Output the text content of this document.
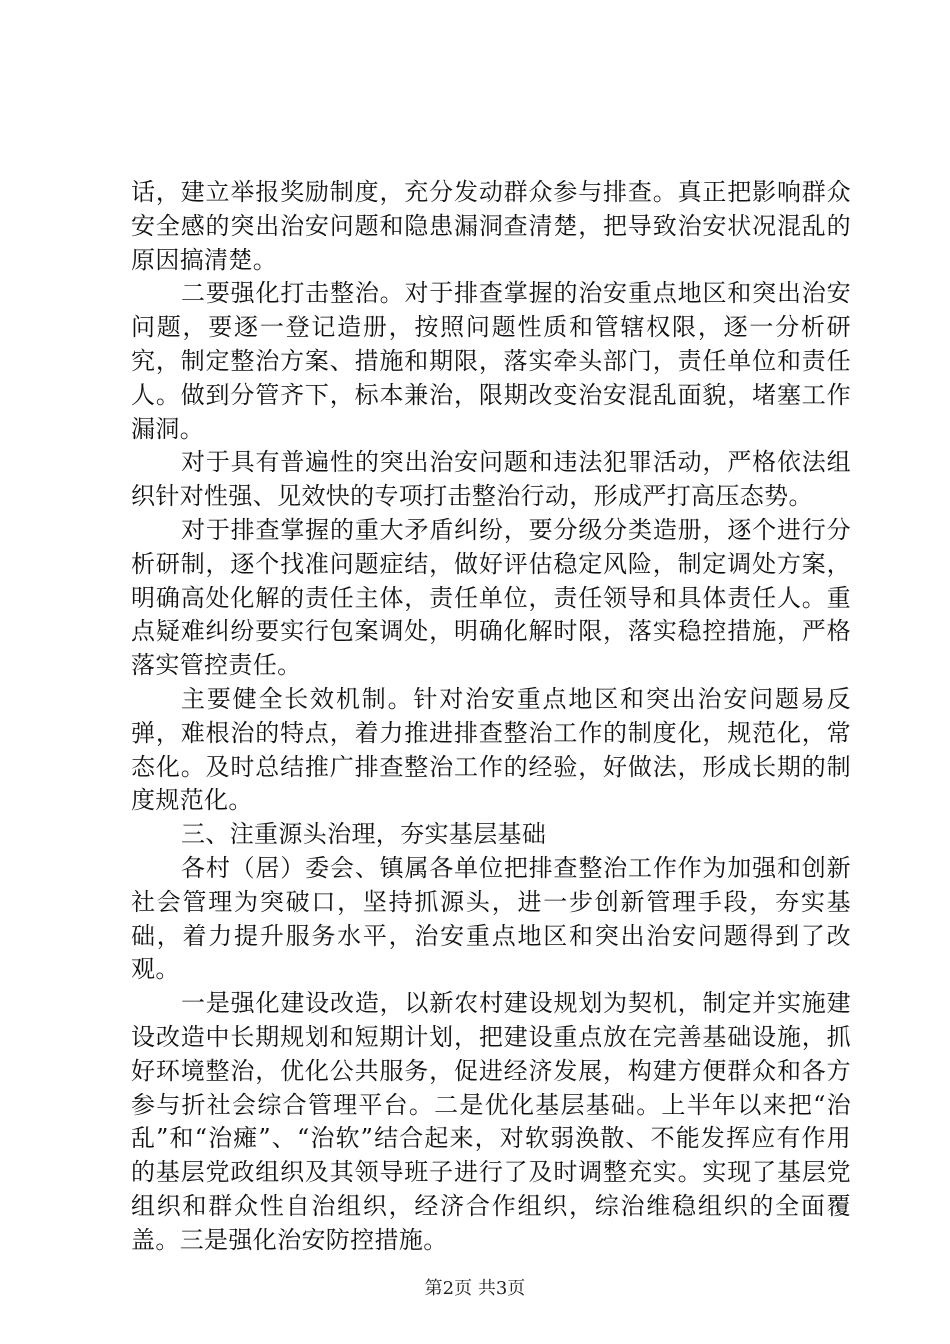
话，建立举报奖励制度，充分发动群众参与排查。真正把影响群众安全感的突出治安问题和隐患漏洞查清楚，把导致治安状况混乱的原因搞清楚。

二要强化打击整治。对于排查掌握的治安重点地区和突出治安问题，要逐一登记造册，按照问题性质和管辖权限，逐一分析研究，制定整治方案、措施和期限，落实牵头部门，责任单位和责任人。做到分管齐下，标本兼治，限期改变治安混乱面貌，堵塞工作漏洞。

对于具有普遍性的突出治安问题和违法犯罪活动，严格依法组织针对性强、见效快的专项打击整治行动，形成严打高压态势。

对于排查掌握的重大矛盾纠纷，要分级分类造册，逐个进行分析研制，逐个找准问题症结，做好评估稳定风险，制定调处方案，明确高处化解的责任主体，责任单位，责任领导和具体责任人。重点疑难纠纷要实行包案调处，明确化解时限，落实稳控措施，严格落实管控责任。

主要健全长效机制。针对治安重点地区和突出治安问题易反弹，难根治的特点，着力推进排查整治工作的制度化，规范化，常态化。及时总结推广排查整治工作的经验，好做法，形成长期的制度规范化。

三、注重源头治理，夯实基层基础

各村（居）委会、镇属各单位把排查整治工作作为加强和创新社会管理为突破口，坚持抓源头，进一步创新管理手段，夯实基础，着力提升服务水平，治安重点地区和突出治安问题得到了改观。

一是强化建设改造，以新农村建设规划为契机，制定并实施建设改造中长期规划和短期计划，把建设重点放在完善基础设施，抓好环境整治，优化公共服务，促进经济发展，构建方便群众和各方参与折社会综合管理平台。二是优化基层基础。上半年以来把“治乱”和“治瘫”、“治软”结合起来，对软弱涣散、不能发挥应有作用的基层党政组织及其领导班子进行了及时调整充实。实现了基层党组织和群众性自治组织，经济合作组织，综治维稳组织的全面覆盖。三是强化治安防控措施。

第2页 共3页
